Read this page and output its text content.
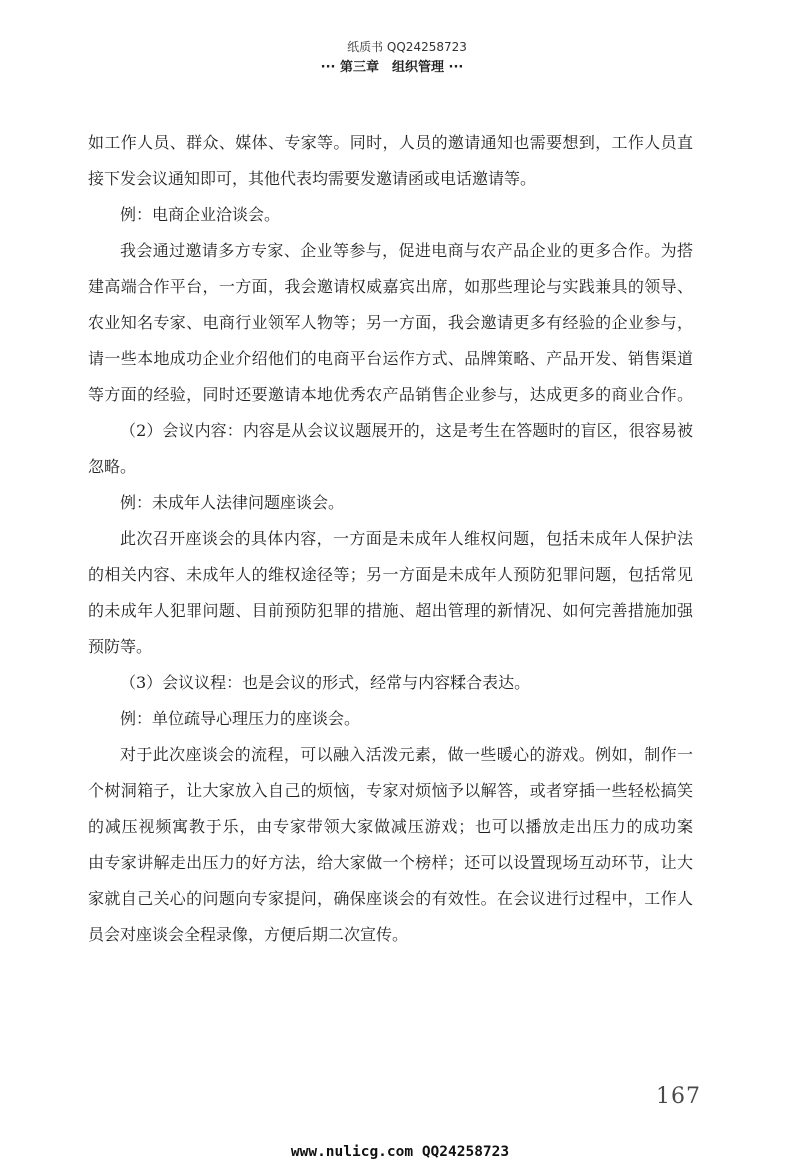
纸质书 QQ24258723
··· 第三章　组织管理 ···
如工作人员、群众、媒体、专家等。同时，人员的邀请通知也需要想到，工作人员直
接下发会议通知即可，其他代表均需要发邀请函或电话邀请等。
例：电商企业洽谈会。
我会通过邀请多方专家、企业等参与，促进电商与农产品企业的更多合作。为搭
建高端合作平台，一方面，我会邀请权威嘉宾出席，如那些理论与实践兼具的领导、
农业知名专家、电商行业领军人物等；另一方面，我会邀请更多有经验的企业参与，
请一些本地成功企业介绍他们的电商平台运作方式、品牌策略、产品开发、销售渠道
等方面的经验，同时还要邀请本地优秀农产品销售企业参与，达成更多的商业合作。
（2）会议内容：内容是从会议议题展开的，这是考生在答题时的盲区，很容易被
忽略。
例：未成年人法律问题座谈会。
此次召开座谈会的具体内容，一方面是未成年人维权问题，包括未成年人保护法
的相关内容、未成年人的维权途径等；另一方面是未成年人预防犯罪问题，包括常见
的未成年人犯罪问题、目前预防犯罪的措施、超出管理的新情况、如何完善措施加强
预防等。
（3）会议议程：也是会议的形式，经常与内容糅合表达。
例：单位疏导心理压力的座谈会。
对于此次座谈会的流程，可以融入活泼元素，做一些暖心的游戏。例如，制作一
个树洞箱子，让大家放入自己的烦恼，专家对烦恼予以解答，或者穿插一些轻松搞笑
的减压视频寓教于乐，由专家带领大家做减压游戏；也可以播放走出压力的成功案
由专家讲解走出压力的好方法，给大家做一个榜样；还可以设置现场互动环节，让大
家就自己关心的问题向专家提问，确保座谈会的有效性。在会议进行过程中，工作人
员会对座谈会全程录像，方便后期二次宣传。
167
www.nulicg.com QQ24258723
